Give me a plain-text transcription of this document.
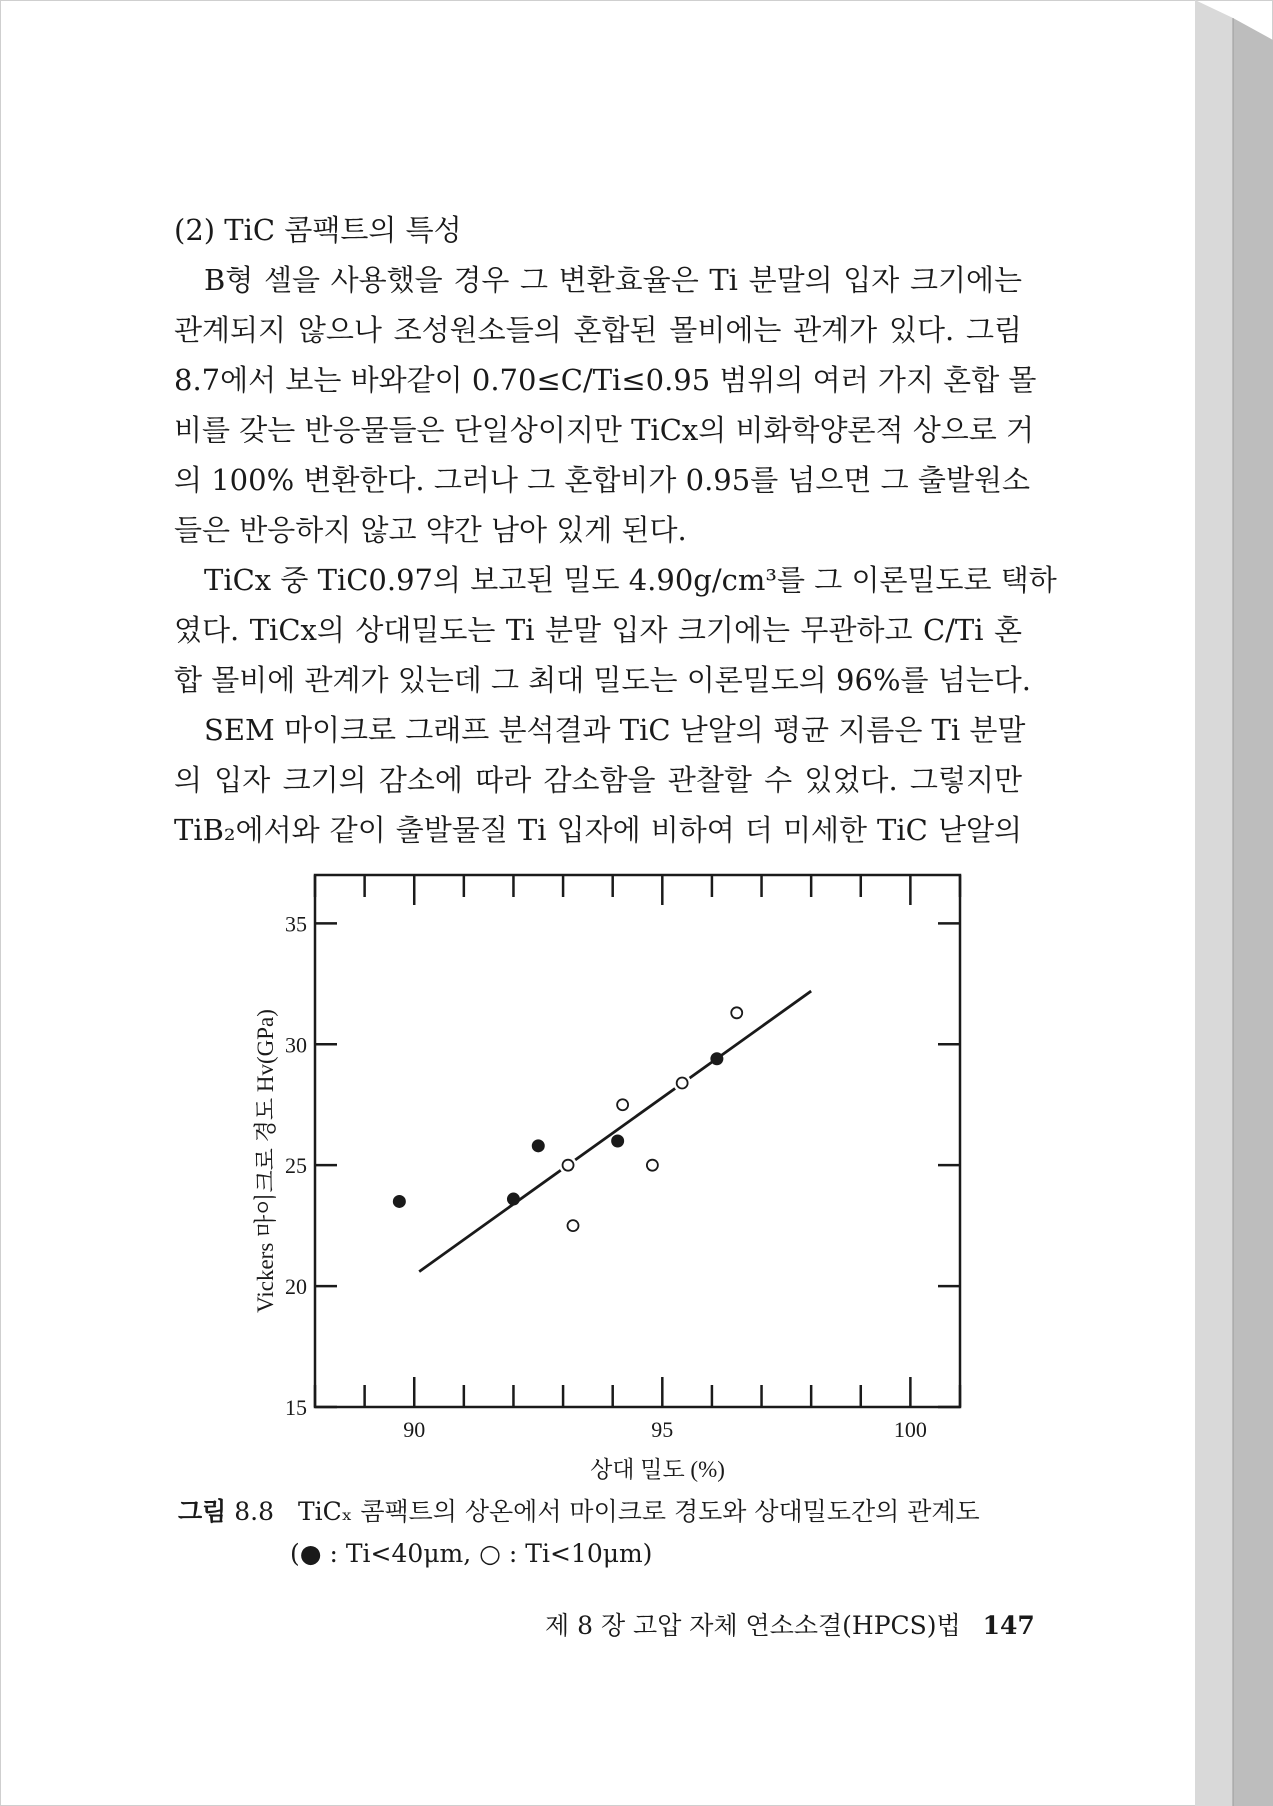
(2) TiC 콤팩트의 특성
B형 셀을 사용했을 경우 그 변환효율은 Ti 분말의 입자 크기에는
관계되지 않으나 조성원소들의 혼합된 몰비에는 관계가 있다. 그림
8.7에서 보는 바와같이 0.70≤C/Ti≤0.95 범위의 여러 가지 혼합 몰
비를 갖는 반응물들은 단일상이지만 TiCx의 비화학양론적 상으로 거
의 100% 변환한다. 그러나 그 혼합비가 0.95를 넘으면 그 출발원소
들은 반응하지 않고 약간 남아 있게 된다.
TiCx 중 TiC0.97의 보고된 밀도 4.90g/cm³를 그 이론밀도로 택하
였다. TiCx의 상대밀도는 Ti 분말 입자 크기에는 무관하고 C/Ti 혼
합 몰비에 관계가 있는데 그 최대 밀도는 이론밀도의 96%를 넘는다.
SEM 마이크로 그래프 분석결과 TiC 낟알의 평균 지름은 Ti 분말
의 입자 크기의 감소에 따라 감소함을 관찰할 수 있었다. 그렇지만
TiB₂에서와 같이 출발물질 Ti 입자에 비하여 더 미세한 TiC 낟알의
90	95	100
15
20
25
30
35
상대 밀도 (%)
Vickers 마이크로 경도 Hv(GPa)
그림 8.8 TiCₓ 콤팩트의 상온에서 마이크로 경도와 상대밀도간의 관계도
(● : Ti<40μm, ○ : Ti<10μm)
제 8 장 고압 자체 연소소결(HPCS)법 147
